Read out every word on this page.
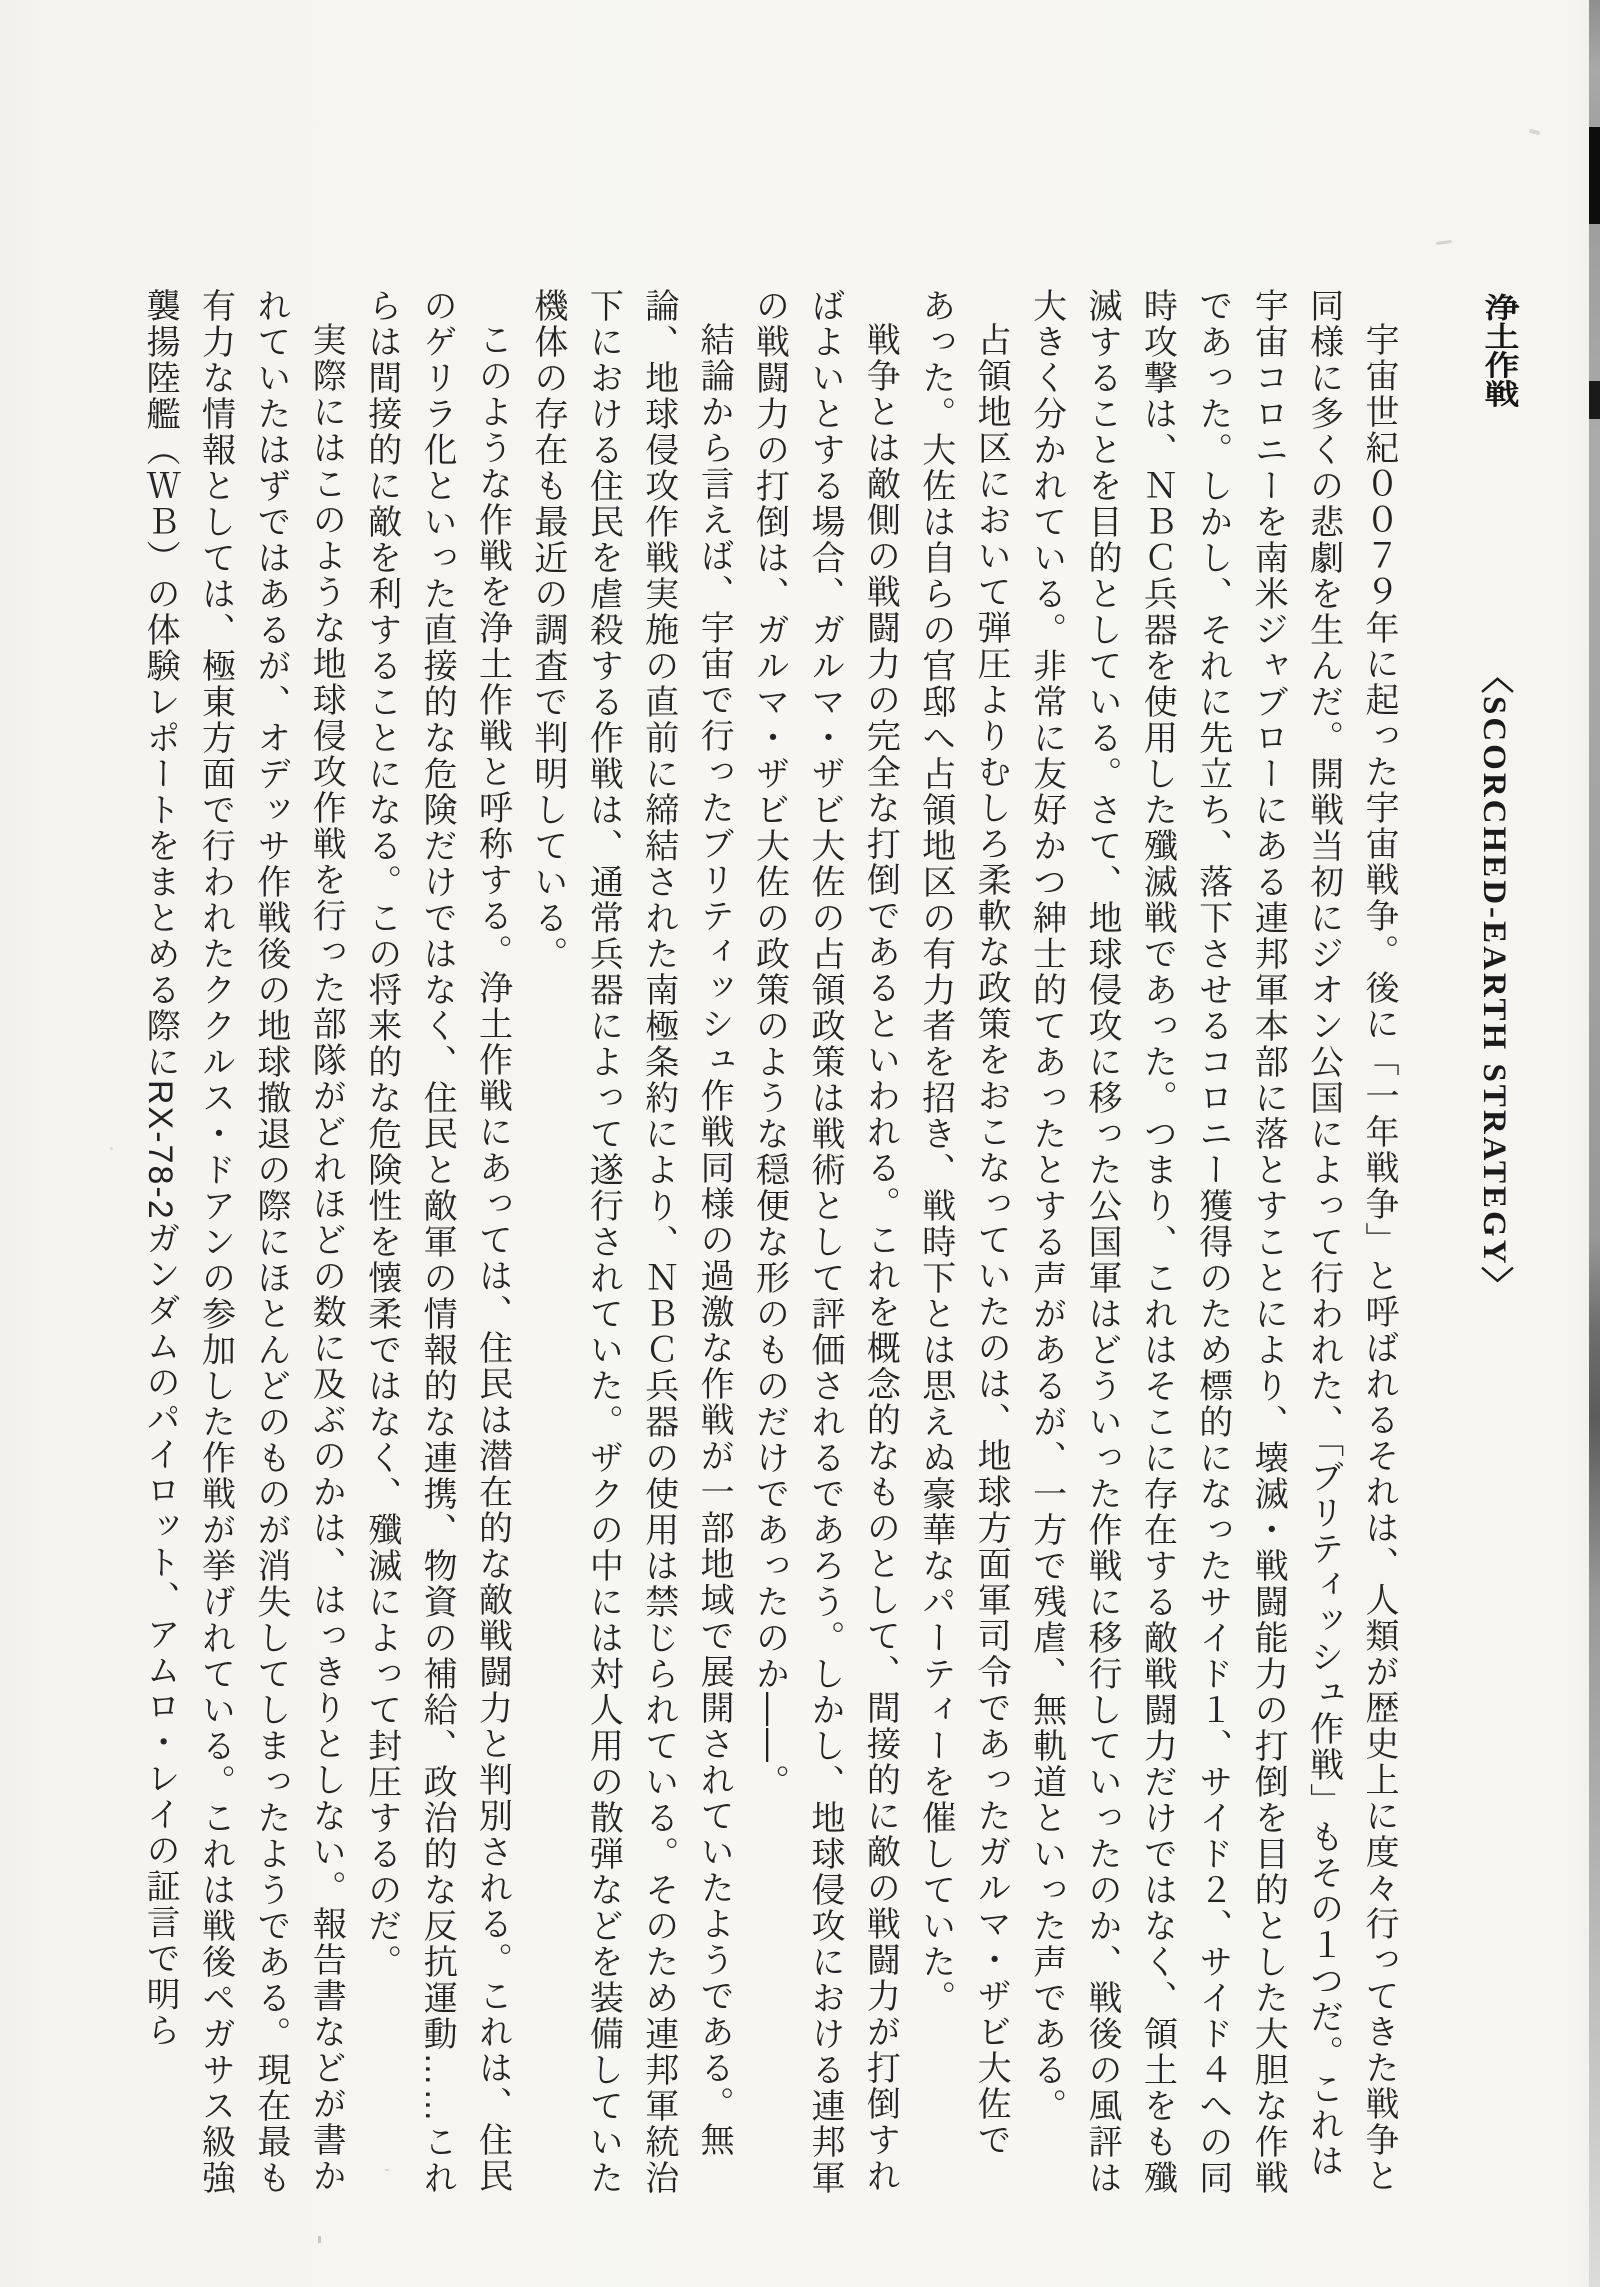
浄土作戦
〈SCORCHED-EARTH STRATEGY〉

宇宙世紀００７９年に起った宇宙戦争。後に「一年戦争」と呼ばれるそれは、人類が歴史上に度々行ってきた戦争と同様に多くの悲劇を生んだ。開戦当初にジオン公国によって行われた、「ブリティッシュ作戦」もその１つだ。これは宇宙コロニーを南米ジャブローにある連邦軍本部に落とすことにより、壊滅・戦闘能力の打倒を目的とした大胆な作戦であった。しかし、それに先立ち、落下させるコロニー獲得のため標的になったサイド１、サイド２、サイド４への同時攻撃は、ＮＢＣ兵器を使用した殲滅戦であった。つまり、これはそこに存在する敵戦闘力だけではなく、領土をも殲滅することを目的としている。さて、地球侵攻に移った公国軍はどういった作戦に移行していったのか、戦後の風評は大きく分かれている。非常に友好かつ紳士的てあったとする声があるが、一方で残虐、無軌道といった声である。

占領地区において弾圧よりむしろ柔軟な政策をおこなっていたのは、地球方面軍司令であったガルマ・ザビ大佐であった。大佐は自らの官邸へ占領地区の有力者を招き、戦時下とは思えぬ豪華なパーティーを催していた。

戦争とは敵側の戦闘力の完全な打倒であるといわれる。これを概念的なものとして、間接的に敵の戦闘力が打倒すればよいとする場合、ガルマ・ザビ大佐の占領政策は戦術として評価されるであろう。しかし、地球侵攻における連邦軍の戦闘力の打倒は、ガルマ・ザビ大佐の政策のような穏便な形のものだけであったのか――。

結論から言えば、宇宙で行ったブリティッシュ作戦同様の過激な作戦が一部地域で展開されていたようである。無論、地球侵攻作戦実施の直前に締結された南極条約により、ＮＢＣ兵器の使用は禁じられている。そのため連邦軍統治下における住民を虐殺する作戦は、通常兵器によって遂行されていた。ザクの中には対人用の散弾などを装備していた機体の存在も最近の調査で判明している。

このような作戦を浄土作戦と呼称する。浄土作戦にあっては、住民は潜在的な敵戦闘力と判別される。これは、住民のゲリラ化といった直接的な危険だけではなく、住民と敵軍の情報的な連携、物資の補給、政治的な反抗運動……これらは間接的に敵を利することになる。この将来的な危険性を懐柔ではなく、殲滅によって封圧するのだ。

実際にはこのような地球侵攻作戦を行った部隊がどれほどの数に及ぶのかは、はっきりとしない。報告書などが書かれていたはずではあるが、オデッサ作戦後の地球撤退の際にほとんどのものが消失してしまったようである。現在最も有力な情報としては、極東方面で行われたククルス・ドアンの参加した作戦が挙げれている。これは戦後ペガサス級強襲揚陸艦（ＷＢ）の体験レポートをまとめる際にRX-78-2ガンダムのパイロット、アムロ・レイの証言で明ら
